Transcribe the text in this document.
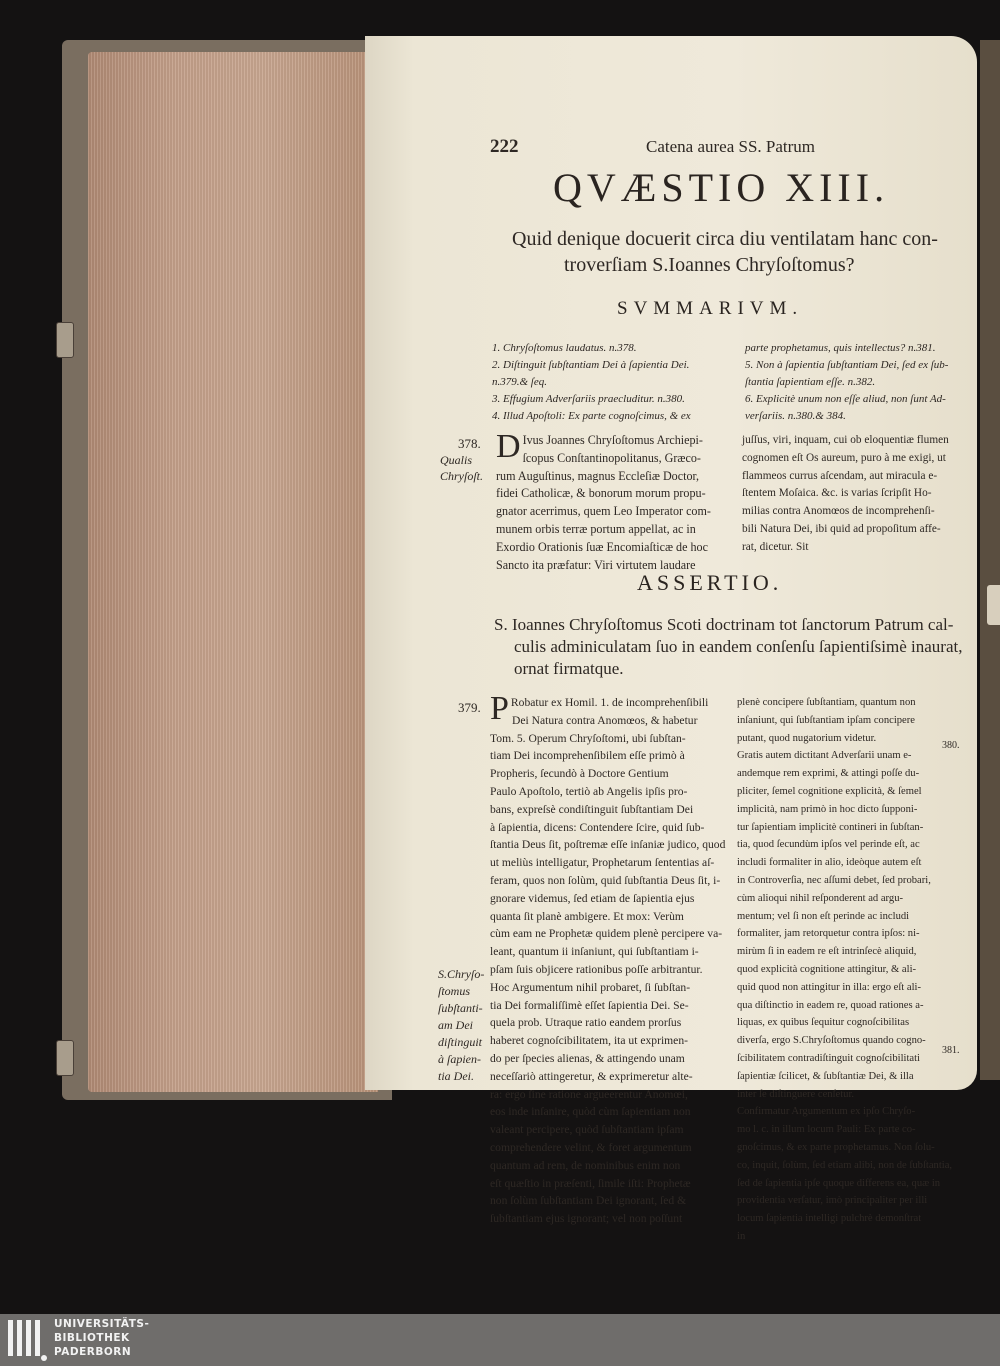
222	Catena aurea SS. Patrum
QVÆSTIO XIII.
Quid denique docuerit circa diu ventilatam hanc con-
troverſiam S.Ioannes Chryſoſtomus?
SVMMARIVM.
1. Chryſoſtomus laudatus. n.378.
2. Diſtinguit ſubſtantiam Dei à ſapientia Dei.
n.379.& ſeq.
3. Effugium Adverſariis praecluditur. n.380.
4. Illud Apoſtoli: Ex parte cognoſcimus, & ex
parte prophetamus, quis intellectus? n.381.
5. Non à ſapientia ſubſtantiam Dei, ſed ex ſub-
ſtantia ſapientiam eſſe. n.382.
6. Explicitè unum non eſſe aliud, non ſunt Ad-
verſariis. n.380.& 384.
378.
Qualis
Chryſoſt.
D Ivus Joannes Chryſoſtomus Archiepi-
ſcopus Conſtantinopolitanus, Græco-
rum Auguſtinus, magnus Eccleſiæ Doctor,
fidei Catholicæ, & bonorum morum propu-
gnator acerrimus, quem Leo Imperator com-
munem orbis terræ portum appellat, ac in
Exordio Orationis ſuæ Encomiaſticæ de hoc
Sancto ita præfatur: Viri virtutem laudare
juſſus, viri, inquam, cui ob eloquentiæ flumen
cognomen eſt Os aureum, puro à me exigi, ut
flammeos currus aſcendam, aut miracula e-
ſtentem Moſaica. &c. is varias ſcripſit Ho-
milias contra Anomœos de incomprehenſi-
bili Natura Dei, ibi quid ad propoſitum affe-
rat, dicetur. Sit
ASSERTIO.
S. Ioannes Chryſoſtomus Scoti doctrinam tot ſanctorum Patrum cal-
culis adminiculatam ſuo in eandem conſenſu ſapientiſsimè inaurat,
ornat firmatque.
379.
S.Chryſo-
ſtomus
ſubſtanti-
am Dei
diſtinguit
à ſapien-
tia Dei.
P Robatur ex Homil. 1. de incomprehenſibili
Dei Natura contra Anomœos, & habetur
Tom. 5. Operum Chryſoſtomi, ubi ſubſtan-
tiam Dei incomprehenſibilem eſſe primò à
Propheris, ſecundò à Doctore Gentium
Paulo Apoſtolo, tertiò ab Angelis ipſis pro-
bans, expreſsè condiſtinguit ſubſtantiam Dei
à ſapientia, dicens: Contendere ſcire, quid ſub-
ſtantia Deus ſit, poſtremæ eſſe inſaniæ judico, quod
ut meliùs intelligatur, Prophetarum ſententias aſ-
feram, quos non ſolùm, quid ſubſtantia Deus ſit, i-
gnorare videmus, ſed etiam de ſapientia ejus
quanta ſit planè ambigere. Et mox: Verùm
cùm eam ne Prophetæ quidem plenè percipere va-
leant, quantum ii inſaniunt, qui ſubſtantiam i-
pſam ſuis objicere rationibus poſſe arbitrantur.
Hoc Argumentum nihil probaret, ſi ſubſtan-
tia Dei formaliſſimè eſſet ſapientia Dei. Se-
quela prob. Utraque ratio eandem prorſus
haberet cognoſcibilitatem, ita ut exprimen-
do per ſpecies alienas, & attingendo unam
neceſſariò attingeretur, & exprimeretur alte-
ra: ergo ſine ratione argueerentur Anomœi,
eos inde inſanire, quòd cùm ſapientiam non
valeant percipere, quòd ſubſtantiam ipſam
comprehendere velint, & foret argumentum
quantum ad rem, de nominibus enim non
eſt quæſtio in præſenti, ſimile iſti: Prophetæ
non ſolùm ſubſtantiam Dei ignorant, ſed &
ſubſtantiam ejus ignorant; vel non poſſunt
plenè concipere ſubſtantiam, quantum non
inſaniunt, qui ſubſtantiam ipſam concipere
putant, quod nugatorium videtur.
Gratis autem dictitant Adverſarii unam e-
andemque rem exprimi, & attingi poſſe du-
pliciter, ſemel cognitione explicità, & ſemel
implicità, nam primò in hoc dicto ſupponi-
tur ſapientiam implicitè contineri in ſubſtan-
tia, quod ſecundùm ipſos vel perinde eſt, ac
includi formaliter in alio, ideòque autem eſt
in Controverſia, nec aſſumi debet, ſed probari,
cùm alioqui nihil reſponderent ad argu-
mentum; vel ſi non eſt perinde ac includi
formaliter, jam retorquetur contra ipſos: ni-
mirùm ſi in eadem re eſt intrinſecè aliquid,
quod explicità cognitione attingitur, & ali-
quid quod non attingitur in illa: ergo eſt ali-
qua diſtinctio in eadem re, quoad rationes a-
liquas, ex quibus ſequitur cognoſcibilitas
diverſa, ergo S.Chryſoſtomus quando cogno-
ſcibilitatem contradiſtinguit cognoſcibilitati
ſapientiæ ſcilicet, & ſubſtantiæ Dei, & illa
inter ſe diſtinguere cenſetur.
Confirmatur Argumentum ex ipſo Chryſo-
mo l. c. in illum locum Pauli: Ex parte co-
gnoſcimus, & ex parte prophetamus. Non ſolu-
co, inquit, ſolùm, ſed etiam alibi, non de ſubſtantia,
ſed de ſapientia ipſe quoque differens ea, quæ in
providentia verſatur, imò principaliter per illi
locum ſapientia intelligi pulchrè demonſtrat
in
380.
381.
UNIVERSITÄTS-
BIBLIOTHEK
PADERBORN
